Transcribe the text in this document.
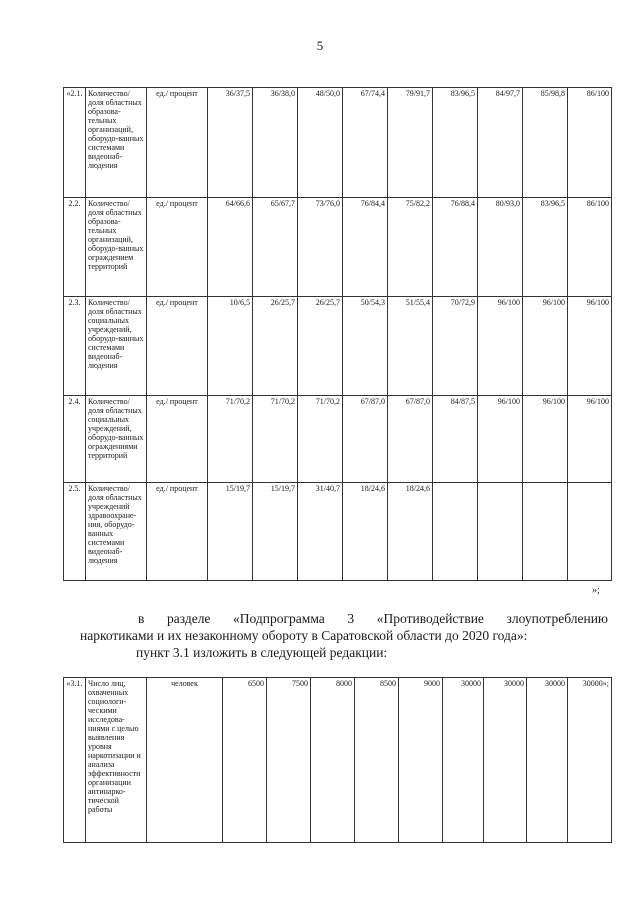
5
«2.1.	Количество/ доля областных образова-тельных организаций, оборудо-ванных системами видеонаб-людения	ед./ процент	36/37,5	36/38,0	48/50,0	67/74,4	79/91,7	83/96,5	84/97,7	85/98,8	86/100
2.2.	Количество/ доля областных образова-тельных организаций, оборудо-ванных ограждением территорий	ед./ процент	64/66,6	65/67,7	73/76,0	76/84,4	75/82,2	76/88,4	80/93,0	83/96,5	86/100
2.3.	Количество/ доля областных социальных учреждений, оборудо-ванных системами видеонаб-людения	ед./ процент	10/6,5	26/25,7	26/25,7	50/54,3	51/55,4	70/72,9	96/100	96/100	96/100
2.4.	Количество/ доля областных социальных учреждений, оборудо-ванных ограждениями территорий	ед./ процент	71/70,2	71/70,2	71/70,2	67/87,0	67/87,0	84/87,5	96/100	96/100	96/100
2.5.	Количество/ доля областных учреждений здравоохране-ния, оборудо-ванных системами видеонаб-людения	ед./ процент	15/19,7	15/19,7	31/40,7	18/24,6	18/24,6				
»;
в разделе «Подпрограмма 3 «Противодействие злоупотреблению
наркотиками и их незаконному обороту в Саратовской области до 2020 года»:
пункт 3.1 изложить в следующей редакции:
«3.1.	Число лиц, охваченных социологи-ческими исследова-ниями с целью выявления уровня наркотизации и анализа эффективности организации антинарко-тической работы	человек	6500	7500	8000	8500	9000	30000	30000	30000	30000»;
